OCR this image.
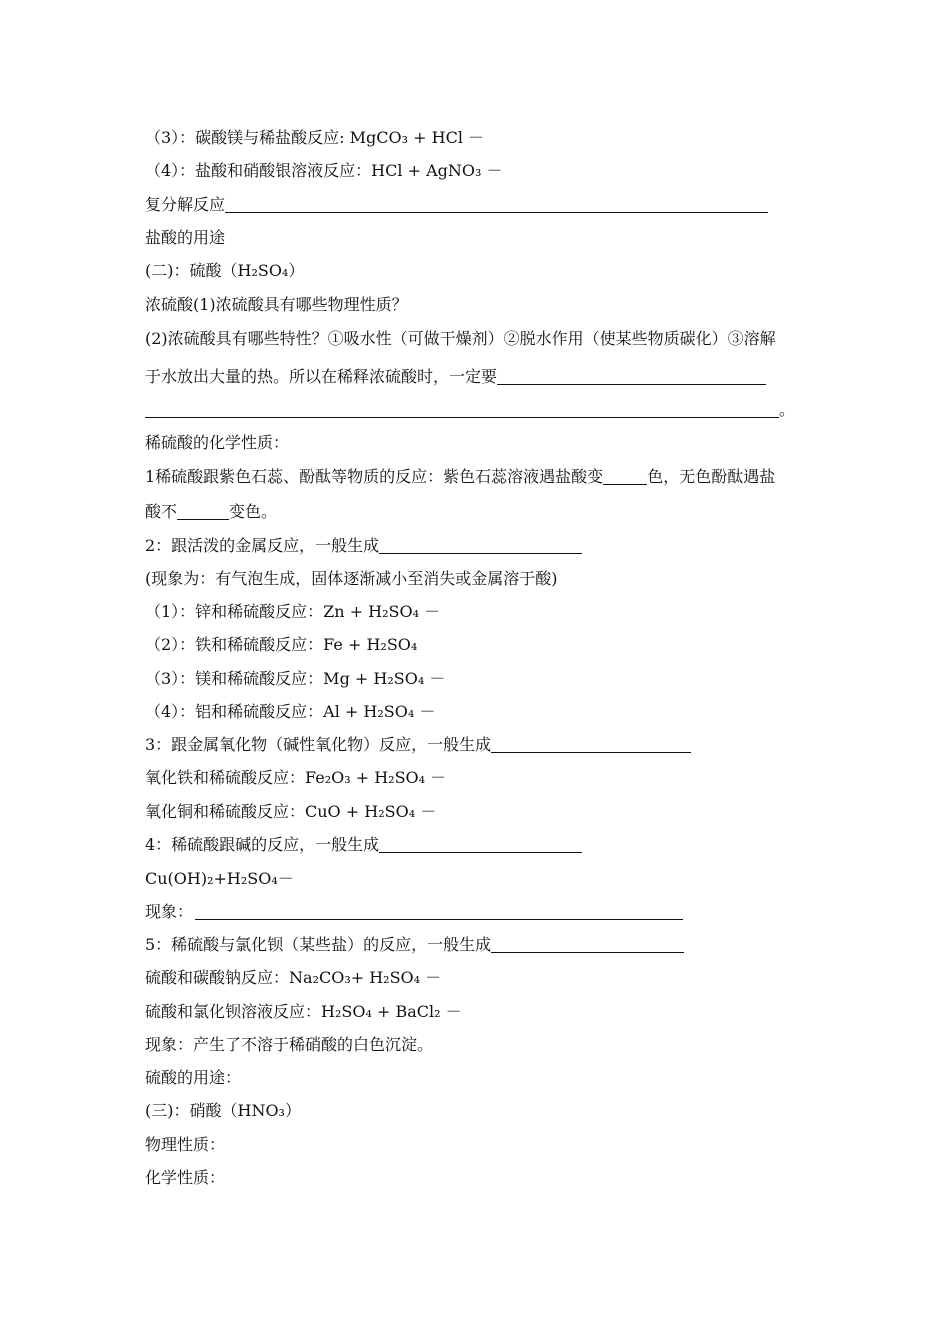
（3）：碳酸镁与稀盐酸反应: MgCO₃ + HCl －
（4）：盐酸和硝酸银溶液反应：HCl + AgNO₃ －
复分解反应
盐酸的用途
(二)：硫酸（H₂SO₄）
浓硫酸(1)浓硫酸具有哪些物理性质？
(2)浓硫酸具有哪些特性？①吸水性（可做干燥剂）②脱水作用（使某些物质碳化）③溶解
于水放出大量的热。所以在稀释浓硫酸时，一定要
。
稀硫酸的化学性质：
1稀硫酸跟紫色石蕊、酚酞等物质的反应：紫色石蕊溶液遇盐酸变	色，无色酚酞遇盐
酸不	变色。
2：跟活泼的金属反应，一般生成
(现象为：有气泡生成，固体逐渐减小至消失或金属溶于酸)
（1）：锌和稀硫酸反应：Zn + H₂SO₄ －
（2）：铁和稀硫酸反应：Fe + H₂SO₄
（3）：镁和稀硫酸反应：Mg + H₂SO₄ －
（4）：铝和稀硫酸反应：Al + H₂SO₄ －
3：跟金属氧化物（碱性氧化物）反应，一般生成
氧化铁和稀硫酸反应：Fe₂O₃ + H₂SO₄ －
氧化铜和稀硫酸反应：CuO + H₂SO₄ －
4：稀硫酸跟碱的反应，一般生成
Cu(OH)₂+H₂SO₄－
现象：
5：稀硫酸与氯化钡（某些盐）的反应，一般生成
硫酸和碳酸钠反应：Na₂CO₃+ H₂SO₄ －
硫酸和氯化钡溶液反应：H₂SO₄ + BaCl₂ －
现象：产生了不溶于稀硝酸的白色沉淀。
硫酸的用途：
(三)：硝酸（HNO₃）
物理性质：
化学性质：
